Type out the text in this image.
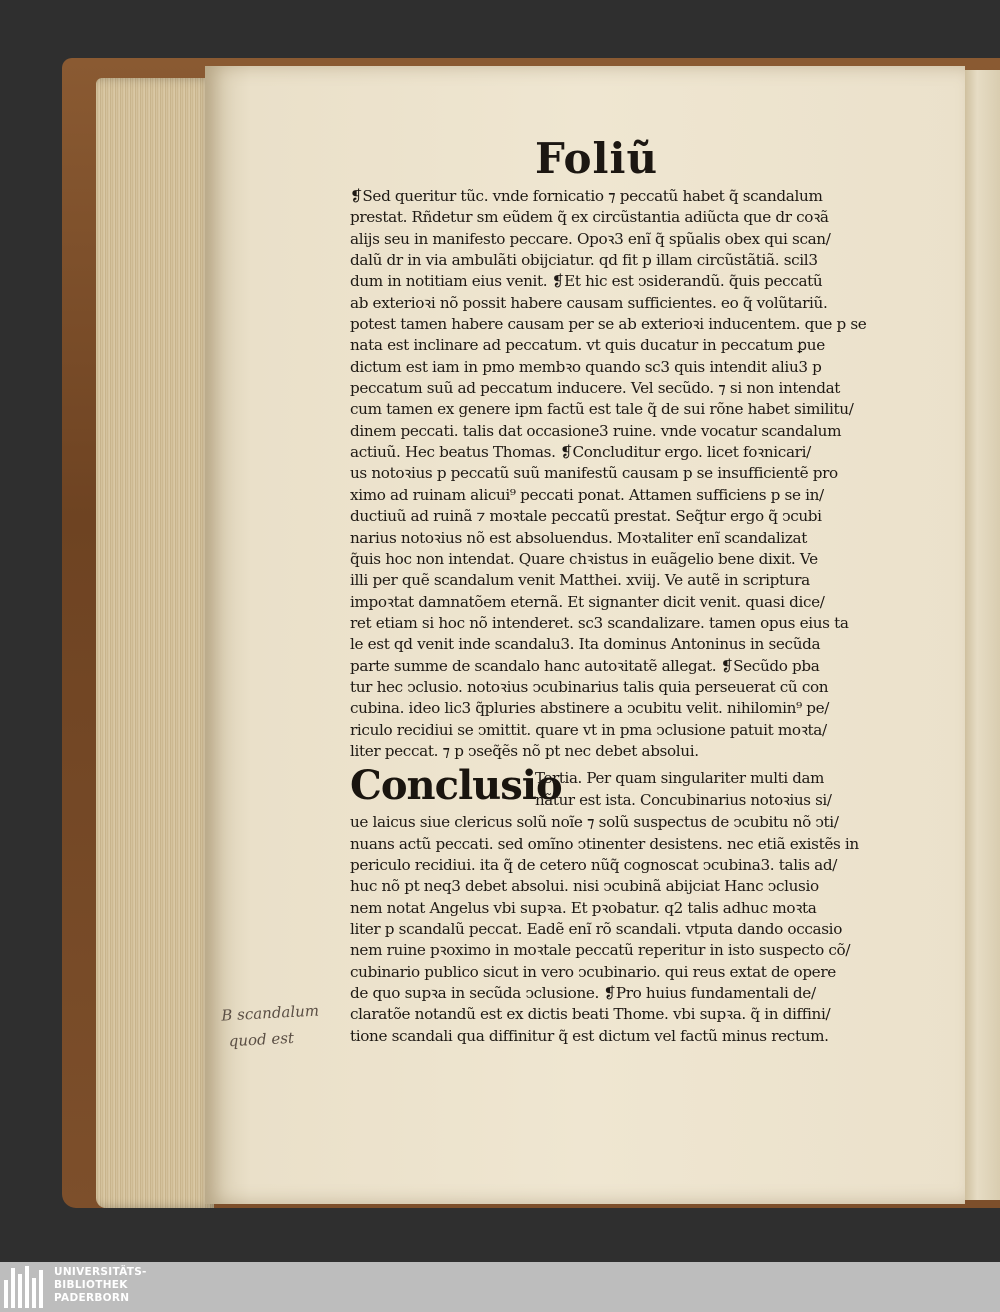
Foliũ
❡Sed queritur tũc. vnde fornicatio ⁊ peccatũ habet q̃ scandalum
prestat. Rñdetur sm eũdem q̃ ex circũstantia adiũcta que dr coꝛã
alijs seu in manifesto peccare. Opoꝛ3 enĩ q̃ spũalis obex qui scan/
dalũ dr in via ambulãti obijciatur. qd fit p illam circũstãtiã. scil3
dum in notitiam eius venit. ❡Et hic est ↄsiderandũ. q̃uis peccatũ
ab exterioꝛi nõ possit habere causam sufficientes. eo q̃ volũtariũ.
potest tamen habere causam per se ab exterioꝛi inducentem. que p se
nata est inclinare ad peccatum. vt quis ducatur in peccatum ꝑue
dictum est iam in pmo membꝛo quando sc3 quis intendit aliu3 p
peccatum suũ ad peccatum inducere. Vel secũdo. ⁊ si non intendat
cum tamen ex genere ipm factũ est tale q̃ de sui rõne habet similitu/
dinem peccati. talis dat occasione3 ruine. vnde vocatur scandalum
actiuũ. Hec beatus Thomas. ❡Concluditur ergo. licet foꝛnicari/
us notoꝛius p peccatũ suũ manifestũ causam p se insufficientẽ pro
ximo ad ruinam alicui⁹ peccati ponat. Attamen sufficiens p se in/
ductiuũ ad ruinã ⁊ moꝛtale peccatũ prestat. Seq̃tur ergo q̃ ↄcubi
narius notoꝛius nõ est absoluendus. Moꝛtaliter enĩ scandalizat
q̃uis hoc non intendat. Quare chꝛistus in euãgelio bene dixit. Ve
illi per quẽ scandalum venit Matthei. xviij. Ve autẽ in scriptura
impoꝛtat damnatõem eternã. Et signanter dicit venit. quasi dice/
ret etiam si hoc nõ intenderet. sc3 scandalizare. tamen opus eius ta
le est qd venit inde scandalu3. Ita dominus Antoninus in secũda
parte summe de scandalo hanc autoꝛitatẽ allegat. ❡Secũdo pba
tur hec ↄclusio. notoꝛius ↄcubinarius talis quia perseuerat cũ con
cubina. ideo lic3 q̃pluries abstinere a ↄcubitu velit. nihilomin⁹ pe/
riculo recidiui se ↄmittit. quare vt in pma ↄclusione patuit moꝛta/
liter peccat. ⁊ p ↄseq̃ẽs nõ pt nec debet absolui.
Conclusio
Tertia. Per quam singulariter multi dam
nãtur est ista. Concubinarius notoꝛius si/
ue laicus siue clericus solũ noĩe ⁊ solũ suspectus de ↄcubitu nõ ↄti/
nuans actũ peccati. sed omĩno ↄtinenter desistens. nec etiã existẽs in
periculo recidiui. ita q̃ de cetero nũq̃ cognoscat ↄcubina3. talis ad/
huc nõ pt neq3 debet absolui. nisi ↄcubinã abijciat Hanc ↄclusio
nem notat Angelus vbi supꝛa. Et pꝛobatur. q2 talis adhuc moꝛta
liter p scandalũ peccat. Eadẽ enĩ rõ scandali. vtputa dando occasio
nem ruine pꝛoximo in moꝛtale peccatũ reperitur in isto suspecto cõ/
cubinario publico sicut in vero ↄcubinario. qui reus extat de opere
de quo supꝛa in secũda ↄclusione. ❡Pro huius fundamentali de/
claratõe notandũ est ex dictis beati Thome. vbi supꝛa. q̃ in diffini/
tione scandali qua diffinitur q̃ est dictum vel factũ minus rectum.
B scandalum
quod est
UNIVERSITÄTS-
BIBLIOTHEK
PADERBORN
